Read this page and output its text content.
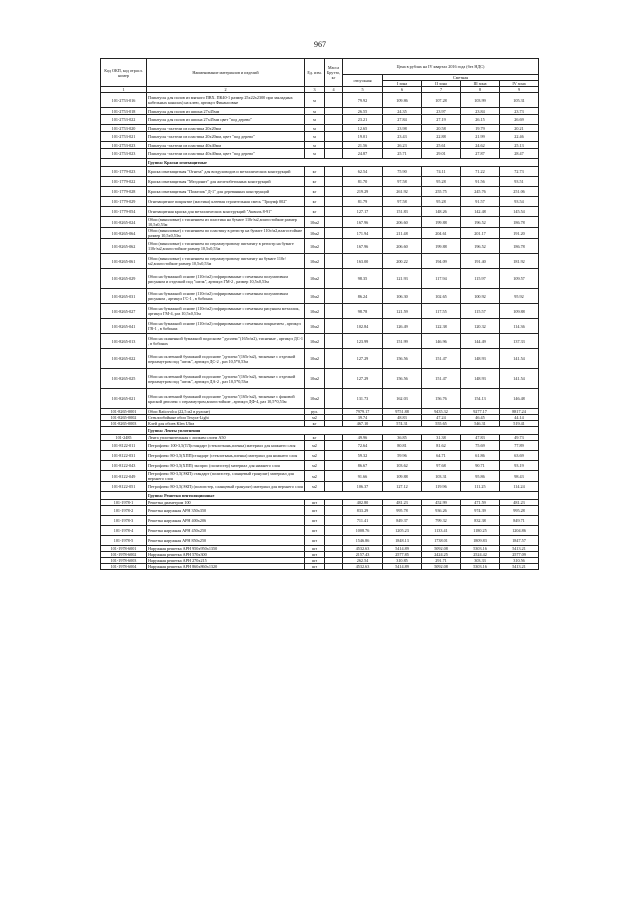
967
Код ОКП, код отрасл. номер	Наименование материалов и изделий	Ед. изм.	Масса Брутто, кг	Цена в рублях на IV квартал 2016 года (без НДС)				
				отпускная	Сметная			
					I зона	II зона	III зона	IV зона
1	2	3	4	5	6	7	8	9
101-2753-016	Плинтусы для полов из мягкого ПВХ. ПК40-1 размер 25х22х2300 при закладных кабельных каналах) на клею, артикул Финансовые	м		79.92	109.86	107.28	103.99	105.31
101-2753-018	Плинтусы для полов из шпона 27х45мм	м		26.55	24.35	23.97	23.84	23.73
101-2753-022	Плинтусы для полов из шпона 27х45мм цвет "под дерево"	м		23.21	27.84	27.19	26.15	26.69
101-2753-020	Плинтусы -галтели из пластика 20х20мм	м		12.65	23.98	20.58	19.79	20.21
101-2753-021	Плинтусы -галтели из пластика 20х20мм, цвет "под дерево"	м		19.01	23.43	22.88	21.99	22.46
101-2753-023	Плинтусы -галтели из пластика 40х40мм	м		21.56	26.23	25.61	24.62	25.13
101-2753-023	Плинтусы -галтели из пластика 40х40мм, цвет "под дерево"	м		24.87	25.71	29.01	27.87	28.47
	Группа: Краски огнезащитные							
101-1779-023	Краска огнезащитная "Огнеза" для воздуховодов и металлических конструкций	кг		62.54	75.90	74.11	71.22	72.73
101-1779-022	Краска огнезащитная "Мелдонит" для железобетонных конструкций	кг		81.70	97.58	95.28	91.56	93.51
101-1779-028	Краска огнезащитная "Пожелок" Д-1" для деревянных конструкций	кг		219.29	261.92	255.75	245.76	251.06
101-1779-029	Огнезащитное покрытие (мастика) клеевая строительная смесь "Триумф 002"	кг		81.79	97.58	95.28	91.57	93.54
101-1779-054	Огнезащитная краска для металлических конструкций "Аквиль 8-91"	кг		127.17	151.83	148.26	142.48	145.54
101-8265-024	Обои (виниловые) с тиснением из пластика на бумаге 110г/м2,влагостойкие размер 10,5х0,53м	10м2		167.96	206.60	199.88	196.52	186.78
101-8265-064	Обои (виниловые) с тиснением по пластику в регистр на бумаге 110г/м2,влагостойкие размер 10,5х0,53м	10м2		171.94	211.48	204.61	201.17	191.20
101-8265-062	Обои (виниловые) с тиснением по перламутровому пигменту в регистр на бумаге 110г/м2,влагостойкие размер 10,5х0,53м	10м2		167.96	206.60	199.88	196.52	186.78
101-8265-061	Обои (виниловые) с тиснением по перламутровому пигменту на бумаге 110г/м2,влагостойкие размер 10,5х0,53м	10м2		163.00	200.22	194.09	191.40	181.92
101-8265-029	Обои на бумажной основе (110г/м2) гофрированные с печатным полуматовым рисунком и отделкой под "шелк", артикул ГМ-2 , размер 10,5х0,53м	10м2		98.35	121.93	117.94	115.97	109.57
101-8265-031	Обои на бумажной основе (110г/м2) гофрированные с печатным полуматовым рисунком , артикул ГС-1 , в бобинах	10м2		86.24	106.30	102.65	100.92	95.92
101-8265-027	Обои на бумажной основе (110г/м2) гофрированные с печатным рисунком металлик, артикул ГМ-4, раз 10,5х0,53м	10м2		98.78	121.59	117.55	115.57	109.88
101-8265-041	Обои на бумажной основе (110г/м2) гофрированные с печатным покрытием , артикул ГВ-1 , в бобинах	10м2		102.84	126.49	122.38	120.32	114.36
101-8265-013	Обои на скиненной бумажной подоснове "дуплекс"(165г/м2), тисненые , артикул ДС-1 , в бобинах	10м2		123.99	151.99	146.96	144.49	137.33
101-8265-022	Обои на склеенной бумажной подоснове "дуплекс"(165г/м2), тисненые с отделкой перламутром под "шелк", артикул ДС-2 , раз 10,5*0,53м	10м2		127.29	156.56	151.47	148.93	141.54
101-8265-025	Обои на склеенной бумажной подоснове "дуплекс"(165г/м2), тисненые с отделкой перламутром под "шелк", артикул ДА-2 , раз 10,5*0,53м	10м2		127.29	156.56	151.47	148.93	141.54
101-8265-021	Обои на склеенной бумажной подоснове "дуплекс"(165г/м2), тисненые с фоновой краской дюплекс с перламутром,влагостойкие , артикул ДФ-4, раз 10,5*0,53м	10м2		131.73	162.03	156.76	154.13	146.48
101-8265-0001	Обои Ratiovolca (22,5 м2 в рулоне)	рул.		7979.17	9751.88	9435.32	9277.17	8817.24
101-8265-0002	Стеклообойные обои Texyra-Light	м2		39.74	48.83	47.24	46.45	44.14
101-8265-0003	Клей для обоев Klen Ultra	кг		467.10	574.31	555.65	546.31	519.41
	Группа: Ленты уплотнения							
101-2485	Лента уплотнительная с липким слоем А50	кг		49.96	36.85	31.38	47.83	49.73
101-8122-011	Петрофлекс 100-3,5(ТЛ)стандарт (стеклоткань,пленка) материал для нижнего слоя	м2		72.64	80.81	81.62	75.69	77.89
101-8122-031	Петрофлекс 80-3,5(ХПП)стандарт (стеклоткань,пленка) материал для нижнего слоя	м2		59.32	59.96	64.71	61.86	63.69
101-8122-043	Петрофлекс 80-3,5(ХПП) экспрпс (полиэстер) материал для нижнего слоя	м2		86.67	103.62	97.68	90.71	93.19
101-8122-049	Петрофлекс 80-3,5(ЭКП) стандарт (полиэстер, сланцевый гранулят) материал для верхнего слоя	м2		91.66	109.88	103.31	95.86	98.43
101-8122-051	Петрофлекс 80-3,5(ЭКП) (полиэстер, сланцевый гранулят) материал для верхнего слоя	м2		106.37	127.12	119.96	111.25	114.24
	Группа: Решетки вентиляционные							
101-1978-1	Решетка диаметром 100	шт		402.80	481.23	452.99	471.59	481.23
101-1978-2	Решетка наружная АРН 350х350	шт		833.29	995.78	936.26	974.39	995.28
101-1978-3	Решетка наружная АРН 400х206	шт		711.41	849.37	799.32	832.38	849.71
101-1978-4	Решетка наружная АРН 450х250	шт		1008.76	1205.23	1133.41	1180.25	1204.86
101-1978-5	Решетка наружная АРН 850х250	шт		1546.86	1848.13	1738.01	1809.83	1847.57
101-1978-6001	Наружная решетка АРН 950х950х1350	шт		4532.63	5414.89	5092.08	5303.16	5413.21
101-1978-6002	Наружная решетка АРН 570х300	шт		2157.43	2577.85	2424.25	2524.42	2577.09
101-1978-6003	Наружная решетка АРН 270х215	шт		262.54	310.85	291.71	303.33	310.56
101-1978-6004	Наружная решетка АРН 860х860х1320	шт		4532.63	5414.89	5092.08	5303.16	5413.21
